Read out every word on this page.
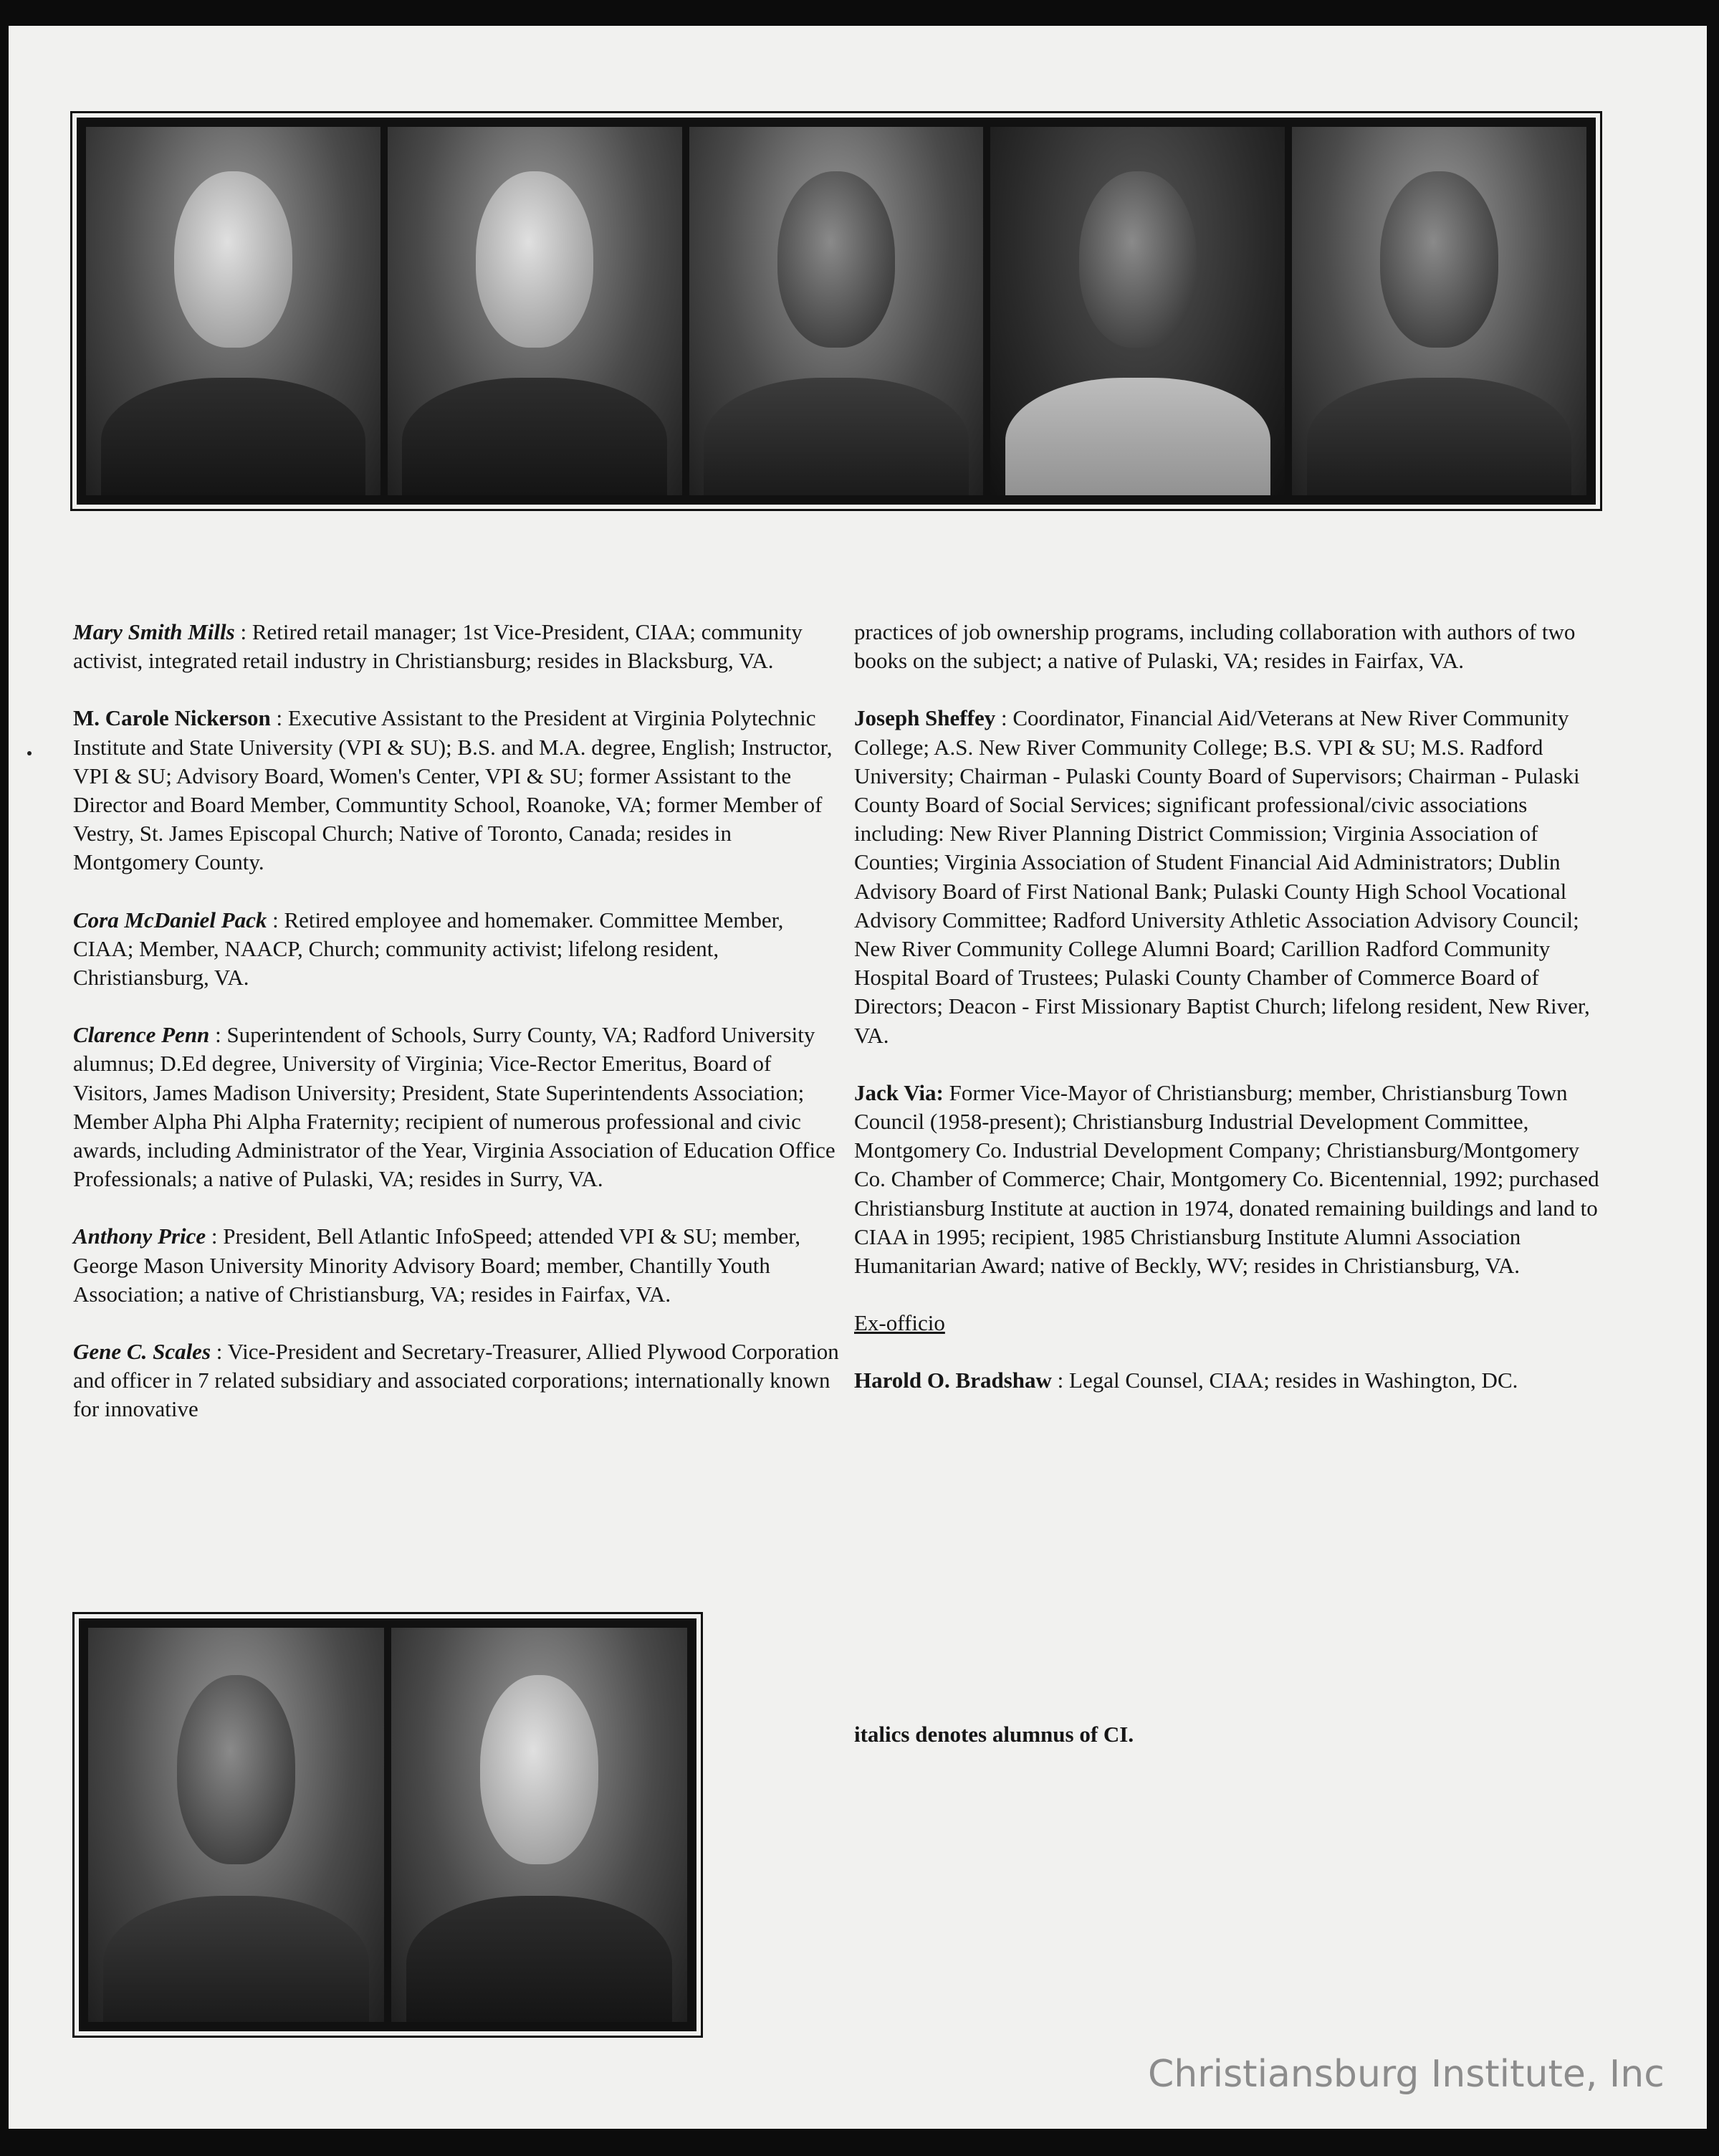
Mary Smith Mills : Retired retail manager; 1st Vice-President, CIAA; community activist, integrated retail industry in Christiansburg; resides in Blacksburg, VA.

M. Carole Nickerson : Executive Assistant to the President at Virginia Polytechnic Institute and State University (VPI & SU); B.S. and M.A. degree, English; Instructor, VPI & SU; Advisory Board, Women's Center, VPI & SU; former Assistant to the Director and Board Member, Communtity School, Roanoke, VA; former Member of Vestry, St. James Episcopal Church; Native of Toronto, Canada; resides in Montgomery County.

Cora McDaniel Pack : Retired employee and homemaker. Committee Member, CIAA; Member, NAACP, Church; community activist; lifelong resident, Christiansburg, VA.

Clarence Penn : Superintendent of Schools, Surry County, VA; Radford University alumnus; D.Ed degree, University of Virginia; Vice-Rector Emeritus, Board of Visitors, James Madison University; President, State Superintendents Association; Member Alpha Phi Alpha Fraternity; recipient of numerous professional and civic awards, including Administrator of the Year, Virginia Association of Education Office Professionals; a native of Pulaski, VA; resides in Surry, VA.

Anthony Price : President, Bell Atlantic InfoSpeed; attended VPI & SU; member, George Mason University Minority Advisory Board; member, Chantilly Youth Association; a native of Christiansburg, VA; resides in Fairfax, VA.

Gene C. Scales : Vice-President and Secretary-Treasurer, Allied Plywood Corporation and officer in 7 related subsidiary and associated corporations; internationally known for innovative

practices of job ownership programs, including collaboration with authors of two books on the subject; a native of Pulaski, VA; resides in Fairfax, VA.

Joseph Sheffey : Coordinator, Financial Aid/Veterans at New River Community College; A.S. New River Community College; B.S. VPI & SU; M.S. Radford University; Chairman - Pulaski County Board of Supervisors; Chairman - Pulaski County Board of Social Services; significant professional/civic associations including: New River Planning District Commission; Virginia Association of Counties; Virginia Association of Student Financial Aid Administrators; Dublin Advisory Board of First National Bank; Pulaski County High School Vocational Advisory Committee; Radford University Athletic Association Advisory Council; New River Community College Alumni Board; Carillion Radford Community Hospital Board of Trustees; Pulaski County Chamber of Commerce Board of Directors; Deacon - First Missionary Baptist Church; lifelong resident, New River, VA.

Jack Via: Former Vice-Mayor of Christiansburg; member, Christiansburg Town Council (1958-present); Christiansburg Industrial Development Committee, Montgomery Co. Industrial Development Company; Christiansburg/Montgomery Co. Chamber of Commerce; Chair, Montgomery Co. Bicentennial, 1992; purchased Christiansburg Institute at auction in 1974, donated remaining buildings and land to CIAA in 1995; recipient, 1985 Christiansburg Institute Alumni Association Humanitarian Award; native of Beckly, WV; resides in Christiansburg, VA.

Ex-officio

Harold O. Bradshaw : Legal Counsel, CIAA; resides in Washington, DC.

italics denotes alumnus of CI.
Christiansburg Institute, Inc
